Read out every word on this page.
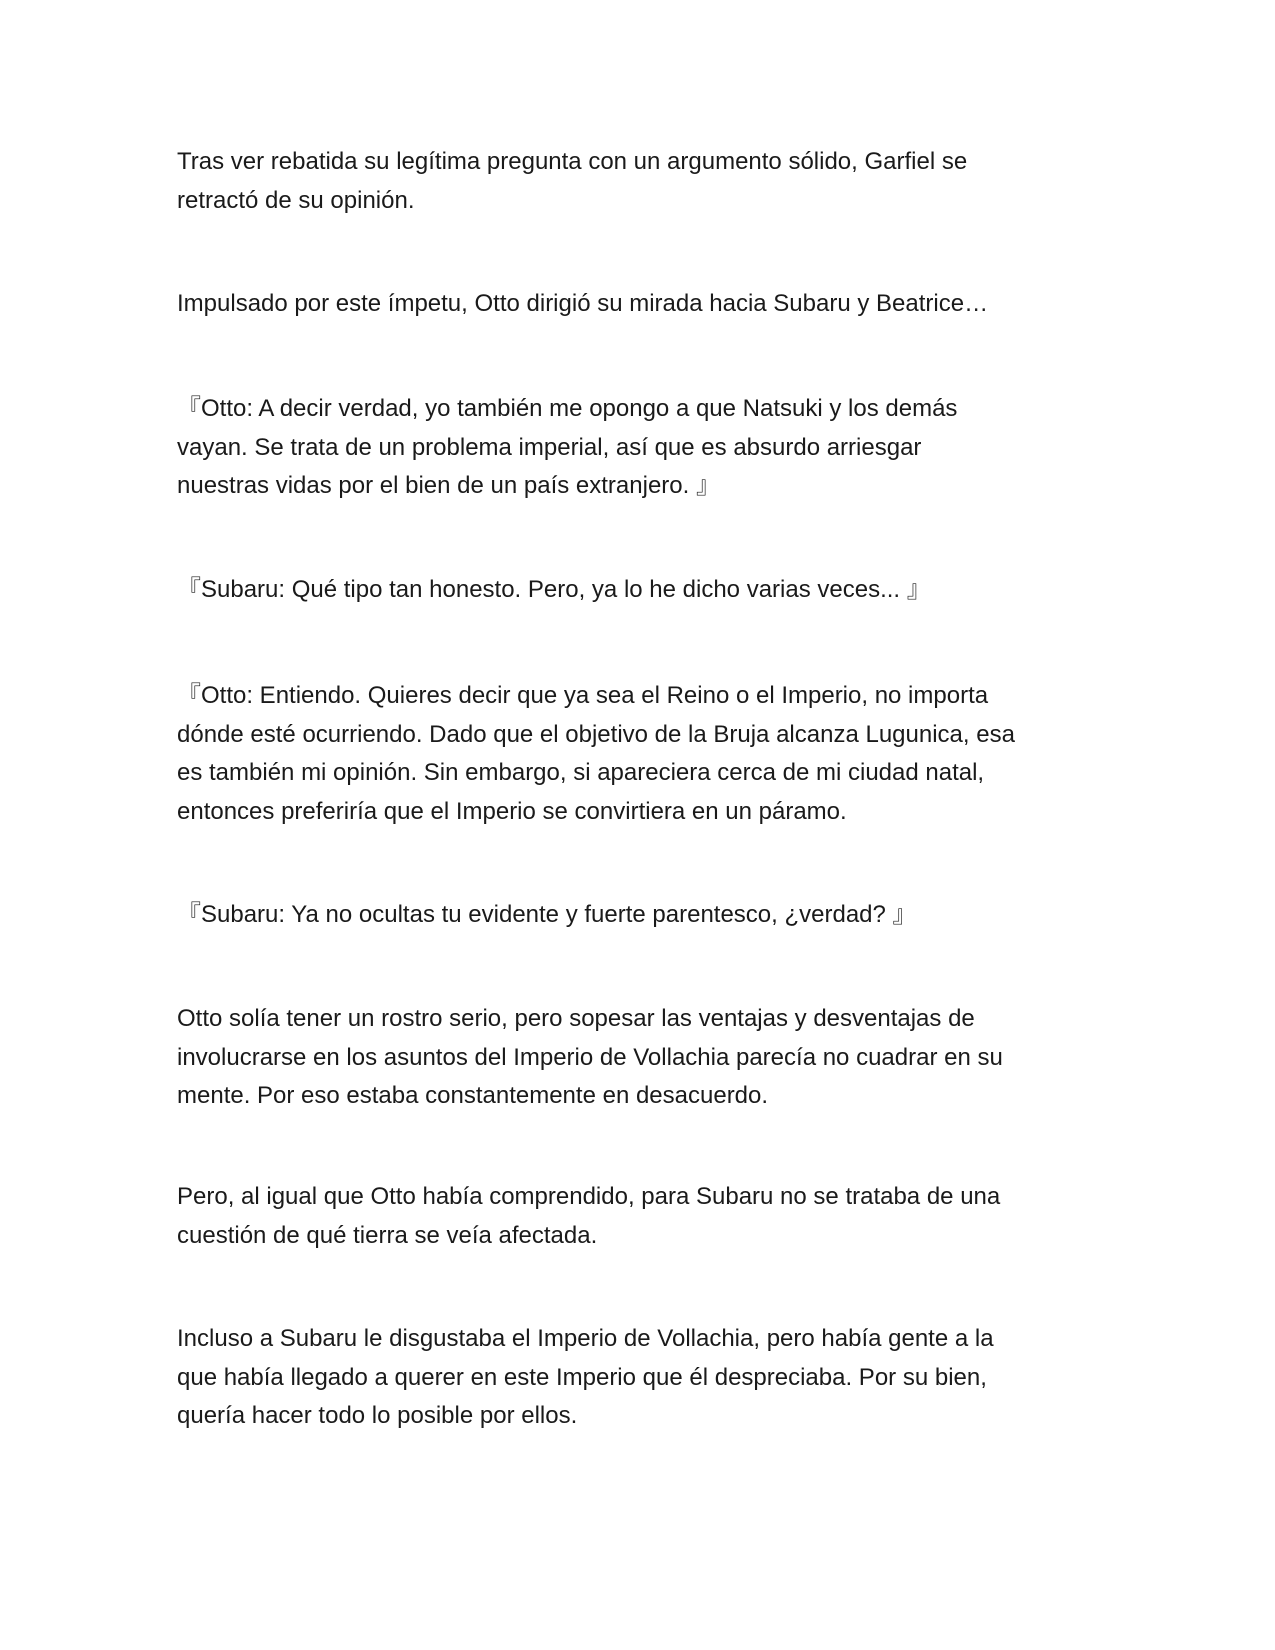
Tras ver rebatida su legítima pregunta con un argumento sólido, Garfiel se
retractó de su opinión.

Impulsado por este ímpetu, Otto dirigió su mirada hacia Subaru y Beatrice…

『Otto: A decir verdad, yo también me opongo a que Natsuki y los demás
vayan. Se trata de un problema imperial, así que es absurdo arriesgar
nuestras vidas por el bien de un país extranjero. 』

『Subaru: Qué tipo tan honesto. Pero, ya lo he dicho varias veces... 』

『Otto: Entiendo. Quieres decir que ya sea el Reino o el Imperio, no importa
dónde esté ocurriendo. Dado que el objetivo de la Bruja alcanza Lugunica, esa
es también mi opinión. Sin embargo, si apareciera cerca de mi ciudad natal,
entonces preferiría que el Imperio se convirtiera en un páramo.

『Subaru: Ya no ocultas tu evidente y fuerte parentesco, ¿verdad? 』

Otto solía tener un rostro serio, pero sopesar las ventajas y desventajas de
involucrarse en los asuntos del Imperio de Vollachia parecía no cuadrar en su
mente. Por eso estaba constantemente en desacuerdo.

Pero, al igual que Otto había comprendido, para Subaru no se trataba de una
cuestión de qué tierra se veía afectada.

Incluso a Subaru le disgustaba el Imperio de Vollachia, pero había gente a la
que había llegado a querer en este Imperio que él despreciaba. Por su bien,
quería hacer todo lo posible por ellos.
